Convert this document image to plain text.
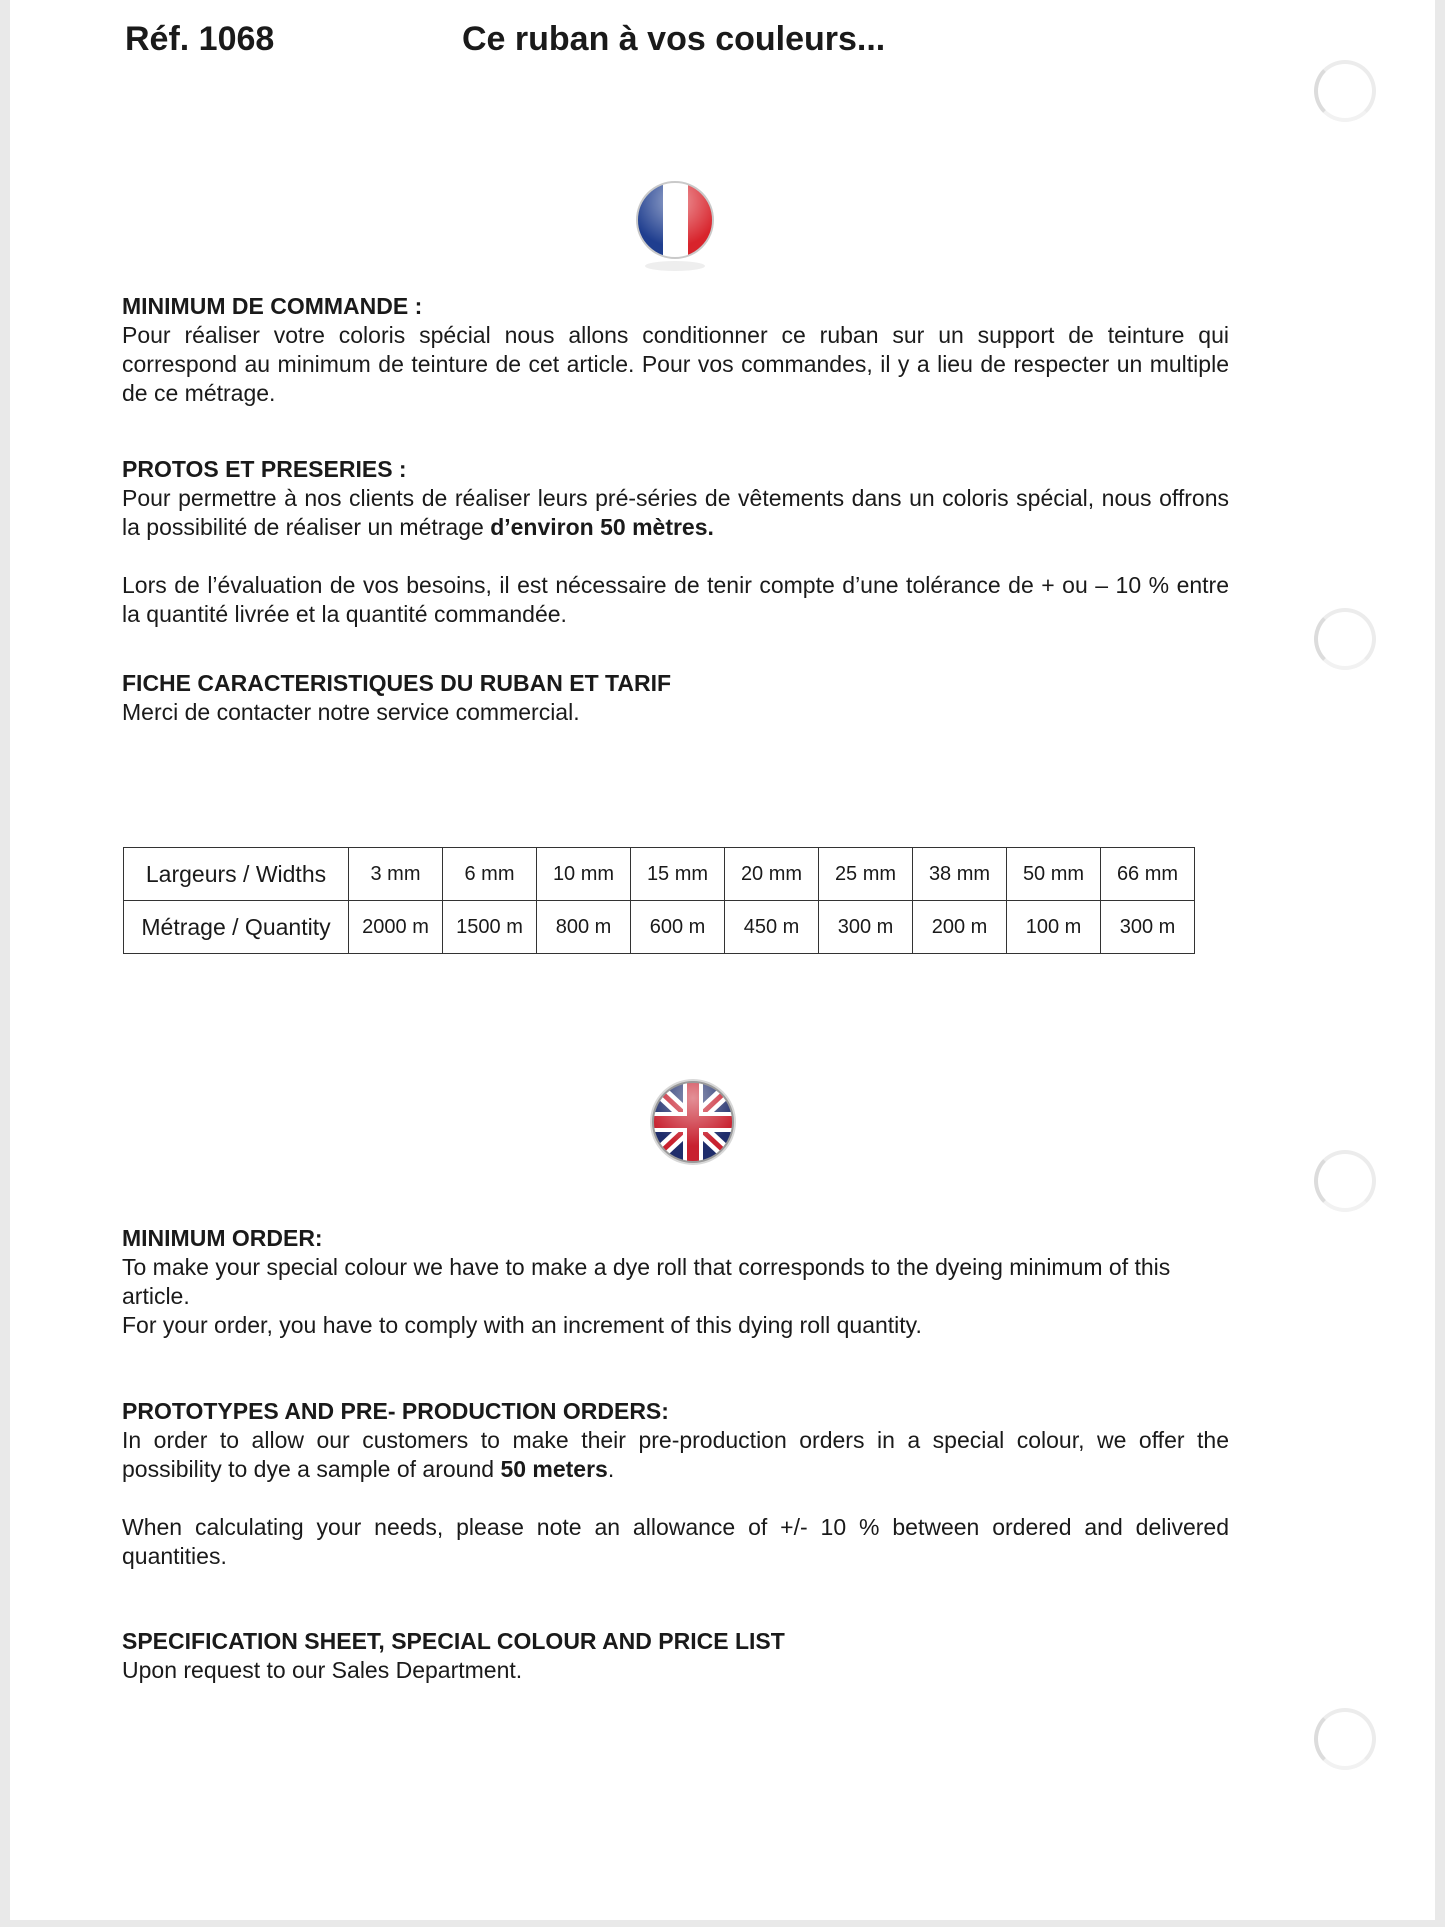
Réf. 1068	Ce ruban à vos couleurs...
MINIMUM DE COMMANDE :

Pour réaliser votre coloris spécial nous allons conditionner ce ruban sur un support de teinture qui correspond au minimum de teinture de cet article. Pour vos commandes, il y a lieu de respecter un multiple de ce métrage.

PROTOS ET PRESERIES :

Pour permettre à nos clients de réaliser leurs pré-séries de vêtements dans un coloris spécial, nous offrons la possibilité de réaliser un métrage d’environ 50 mètres.

Lors de l’évaluation de vos besoins, il est nécessaire de tenir compte d’une tolérance de + ou – 10 % entre la quantité livrée et la quantité commandée.

FICHE CARACTERISTIQUES DU RUBAN ET TARIF

Merci de contacter notre service commercial.

Largeurs / Widths	3 mm	6 mm	10 mm	15 mm	20 mm	25 mm	38 mm	50 mm	66 mm
Métrage / Quantity	2000 m	1500 m	800 m	600 m	450 m	300 m	200 m	100 m	300 m
MINIMUM ORDER:

To make your special colour we have to make a dye roll that corresponds to the dyeing minimum of this article.

For your order, you have to comply with an increment of this dying roll quantity.

PROTOTYPES AND PRE- PRODUCTION ORDERS:

In order to allow our customers to make their pre-production orders in a special colour, we offer the possibility to dye a sample of around 50 meters.

When calculating your needs, please note an allowance of +/- 10 % between ordered and delivered quantities.

SPECIFICATION SHEET, SPECIAL COLOUR AND PRICE LIST

Upon request to our Sales Department.
